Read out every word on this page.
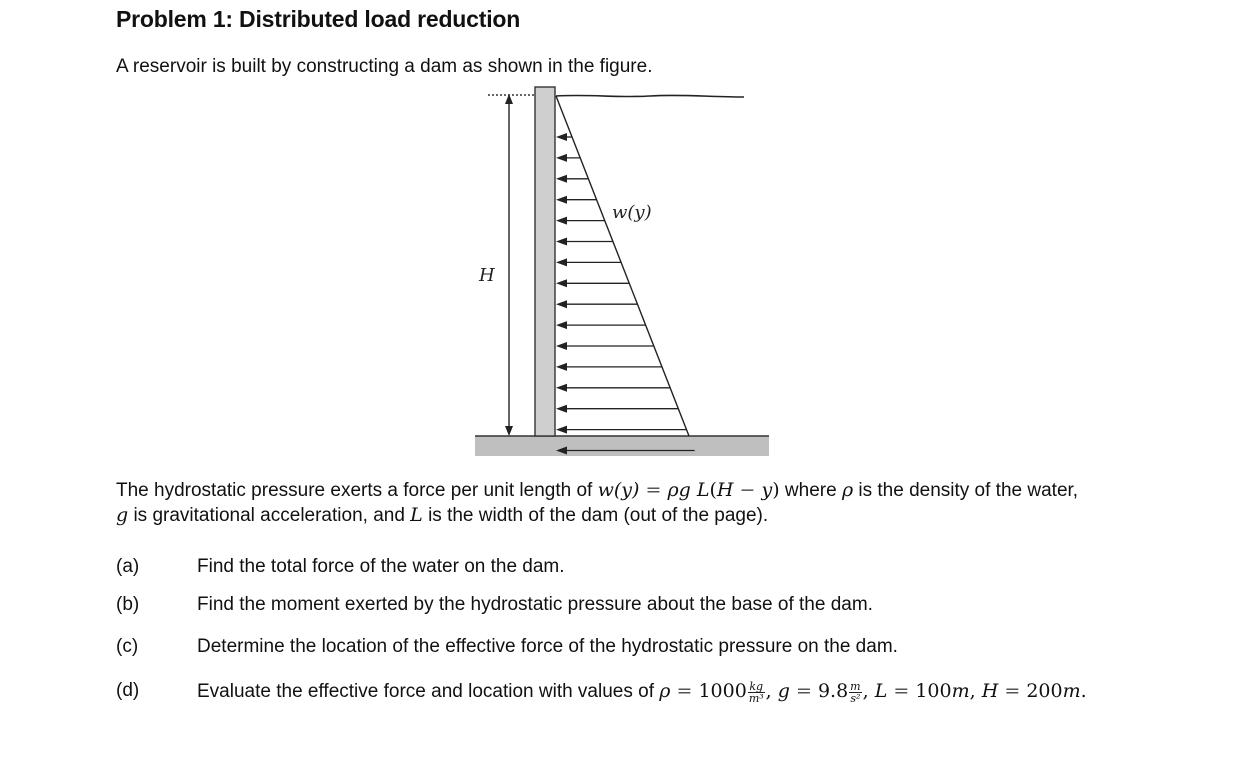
Problem 1: Distributed load reduction
A reservoir is built by constructing a dam as shown in the figure.
H
w(y)
The hydrostatic pressure exerts a force per unit length of w(y) = ρg L(H − y) where ρ is the density of the water,
g is gravitational acceleration, and L is the width of the dam (out of the page).
(a)	Find the total force of the water on the dam.
(b)	Find the moment exerted by the hydrostatic pressure about the base of the dam.
(c)	Determine the location of the effective force of the hydrostatic pressure on the dam.
(d)	Evaluate the effective force and location with values of $\rho = 1000 \frac{kg}{\text{m³}}$ , $g = 9.8 \frac{m}{\text{s²}}$ , L = 100m, H = 200m.
